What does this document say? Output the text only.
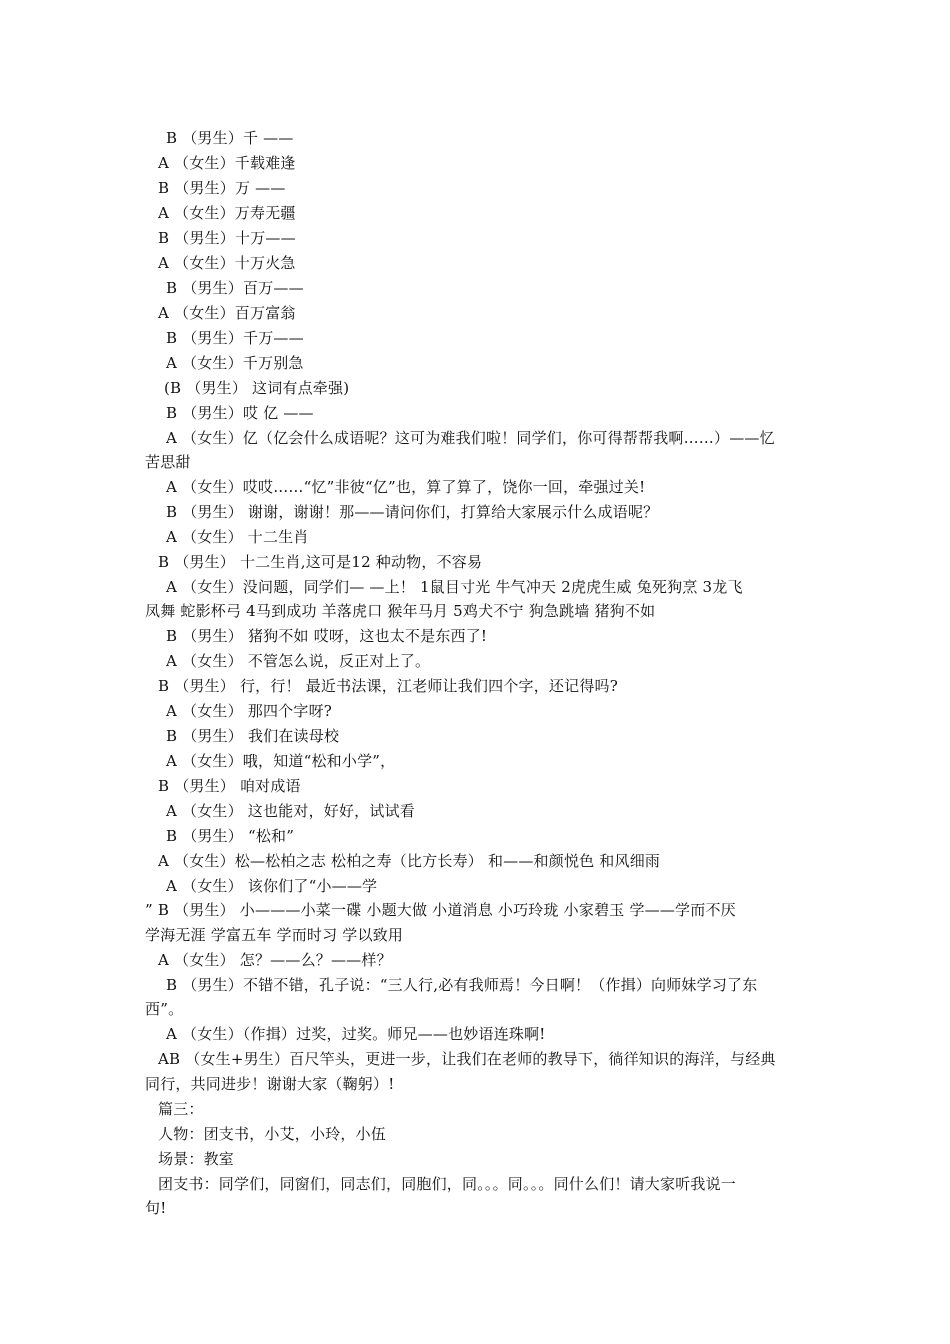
B （男生）千 ——
A （女生）千载难逢
B （男生）万 ——
A （女生）万寿无疆
B （男生）十万——
A （女生）十万火急
B （男生）百万——
A （女生）百万富翁
B （男生）千万——
A （女生）千万别急
(B （男生） 这词有点牵强)
B （男生）哎 亿 ——
A （女生）亿（亿会什么成语呢？这可为难我们啦！同学们，你可得帮帮我啊……）——忆
苦思甜
A （女生）哎哎……“忆”非彼“亿”也，算了算了，饶你一回，牵强过关!
B （男生） 谢谢，谢谢！那——请问你们，打算给大家展示什么成语呢？
A （女生） 十二生肖
B （男生） 十二生肖,这可是12 种动物，不容易
A （女生）没问题，同学们— —上！ 1鼠目寸光 牛气冲天 2虎虎生威 兔死狗烹 3龙飞
凤舞 蛇影杯弓 4马到成功 羊落虎口 猴年马月 5鸡犬不宁 狗急跳墙 猪狗不如
B （男生） 猪狗不如 哎呀，这也太不是东西了!
A （女生） 不管怎么说，反正对上了。
B （男生） 行，行！ 最近书法课，江老师让我们四个字，还记得吗?
A （女生） 那四个字呀?
B （男生） 我们在读母校
A （女生）哦，知道“松和小学”，
B （男生） 咱对成语
A （女生） 这也能对，好好，试试看
B （男生） “松和”
A （女生）松—松柏之志 松柏之寿（比方长寿） 和——和颜悦色 和风细雨
A （女生） 该你们了“小——学
” B （男生） 小———小菜一碟 小题大做 小道消息 小巧玲珑 小家碧玉 学——学而不厌
学海无涯 学富五车 学而时习 学以致用
A （女生） 怎？——么？——样？
B （男生）不错不错，孔子说：“三人行,必有我师焉！今日啊！（作揖）向师妹学习了东
西”。
A （女生）（作揖）过奖，过奖。师兄——也妙语连珠啊!
AB （女生+男生）百尺竿头，更进一步，让我们在老师的教导下，徜徉知识的海洋，与经典
同行，共同进步！谢谢大家（鞠躬）!
篇三：
人物：团支书，小艾，小玲，小伍
场景：教室
团支书：同学们，同窗们，同志们，同胞们，同。。。同。。。同什么们！请大家听我说一
句!
